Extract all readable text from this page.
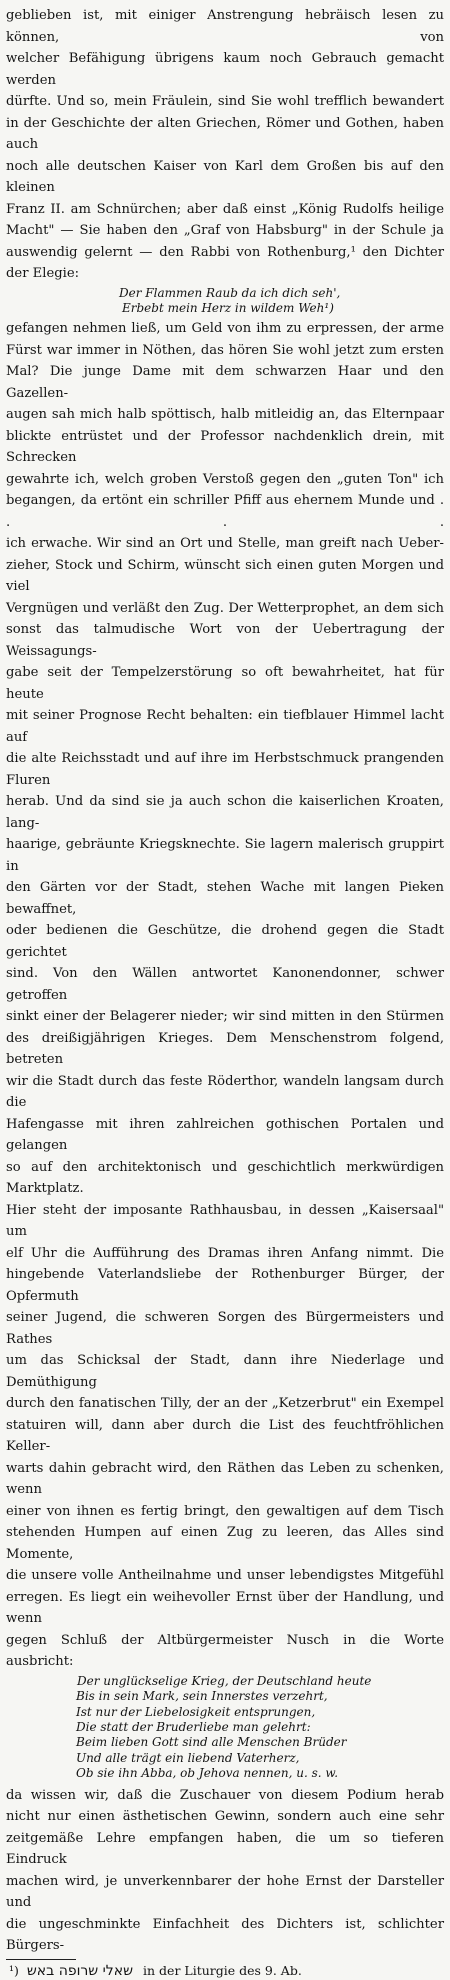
geblieben ist, mit einiger Anstrengung hebräisch lesen zu können, von
welcher Befähigung übrigens kaum noch Gebrauch gemacht werden
dürfte. Und so, mein Fräulein, sind Sie wohl trefflich bewandert
in der Geschichte der alten Griechen, Römer und Gothen, haben auch
noch alle deutschen Kaiser von Karl dem Großen bis auf den kleinen
Franz II. am Schnürchen; aber daß einst „König Rudolfs heilige
Macht" — Sie haben den „Graf von Habsburg" in der Schule ja
auswendig gelernt — den Rabbi von Rothenburg,¹ den Dichter
der Elegie:
Der Flammen Raub da ich dich seh',
Erbebt mein Herz in wildem Weh¹)
gefangen nehmen ließ, um Geld von ihm zu erpressen, der arme
Fürst war immer in Nöthen, das hören Sie wohl jetzt zum ersten
Mal? Die junge Dame mit dem schwarzen Haar und den Gazellen-
augen sah mich halb spöttisch, halb mitleidig an, das Elternpaar
blickte entrüstet und der Professor nachdenklich drein, mit Schrecken
gewahrte ich, welch groben Verstoß gegen den „guten Ton" ich
begangen, da ertönt ein schriller Pfiff aus ehernem Munde und . . . .
ich erwache. Wir sind an Ort und Stelle, man greift nach Ueber-
zieher, Stock und Schirm, wünscht sich einen guten Morgen und viel
Vergnügen und verläßt den Zug. Der Wetterprophet, an dem sich
sonst das talmudische Wort von der Uebertragung der Weissagungs-
gabe seit der Tempelzerstörung so oft bewahrheitet, hat für heute
mit seiner Prognose Recht behalten: ein tiefblauer Himmel lacht auf
die alte Reichsstadt und auf ihre im Herbstschmuck prangenden Fluren
herab. Und da sind sie ja auch schon die kaiserlichen Kroaten, lang-
haarige, gebräunte Kriegsknechte. Sie lagern malerisch gruppirt in
den Gärten vor der Stadt, stehen Wache mit langen Pieken bewaffnet,
oder bedienen die Geschütze, die drohend gegen die Stadt gerichtet
sind. Von den Wällen antwortet Kanonendonner, schwer getroffen
sinkt einer der Belagerer nieder; wir sind mitten in den Stürmen
des dreißigjährigen Krieges. Dem Menschenstrom folgend, betreten
wir die Stadt durch das feste Röderthor, wandeln langsam durch die
Hafengasse mit ihren zahlreichen gothischen Portalen und gelangen
so auf den architektonisch und geschichtlich merkwürdigen Marktplatz.
Hier steht der imposante Rathhausbau, in dessen „Kaisersaal" um
elf Uhr die Aufführung des Dramas ihren Anfang nimmt. Die
hingebende Vaterlandsliebe der Rothenburger Bürger, der Opfermuth
seiner Jugend, die schweren Sorgen des Bürgermeisters und Rathes
um das Schicksal der Stadt, dann ihre Niederlage und Demüthigung
durch den fanatischen Tilly, der an der „Ketzerbrut" ein Exempel
statuiren will, dann aber durch die List des feuchtfröhlichen Keller-
warts dahin gebracht wird, den Räthen das Leben zu schenken, wenn
einer von ihnen es fertig bringt, den gewaltigen auf dem Tisch
stehenden Humpen auf einen Zug zu leeren, das Alles sind Momente,
die unsere volle Antheilnahme und unser lebendigstes Mitgefühl
erregen. Es liegt ein weihevoller Ernst über der Handlung, und wenn
gegen Schluß der Altbürgermeister Nusch in die Worte ausbricht:
Der unglückselige Krieg, der Deutschland heute
Bis in sein Mark, sein Innerstes verzehrt,
Ist nur der Liebelosigkeit entsprungen,
Die statt der Bruderliebe man gelehrt:
Beim lieben Gott sind alle Menschen Brüder
Und alle trägt ein liebend Vaterherz,
Ob sie ihn Abba, ob Jehova nennen, u. s. w.
da wissen wir, daß die Zuschauer von diesem Podium herab
nicht nur einen ästhetischen Gewinn, sondern auch eine sehr
zeitgemäße Lehre empfangen haben, die um so tieferen Eindruck
machen wird, je unverkennbarer der hohe Ernst der Darsteller und
die ungeschminkte Einfachheit des Dichters ist, schlichter Bürgers-
¹) שאלי שרופה באש in der Liturgie des 9. Ab.
